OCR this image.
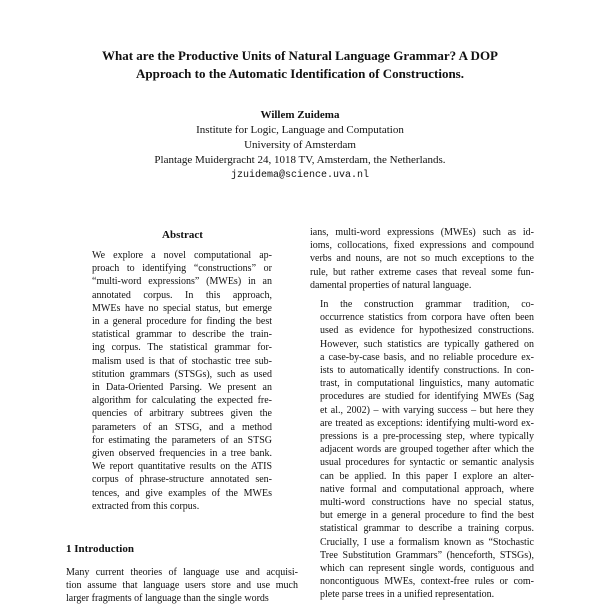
What are the Productive Units of Natural Language Grammar? A DOP
Approach to the Automatic Identification of Constructions.
Willem Zuidema
Institute for Logic, Language and Computation
University of Amsterdam
Plantage Muidergracht 24, 1018 TV, Amsterdam, the Netherlands.
jzuidema@science.uva.nl
Abstract
We explore a novel computational ap-
proach to identifying “constructions” or
“multi-word expressions” (MWEs) in an
annotated corpus. In this approach,
MWEs have no special status, but emerge
in a general procedure for finding the best
statistical grammar to describe the train-
ing corpus. The statistical grammar for-
malism used is that of stochastic tree sub-
stitution grammars (STSGs), such as used
in Data-Oriented Parsing. We present an
algorithm for calculating the expected fre-
quencies of arbitrary subtrees given the
parameters of an STSG, and a method
for estimating the parameters of an STSG
given observed frequencies in a tree bank.
We report quantitative results on the ATIS
corpus of phrase-structure annotated sen-
tences, and give examples of the MWEs
extracted from this corpus.
1 Introduction
Many current theories of language use and acquisi-
tion assume that language users store and use much
larger fragments of language than the single words

ians, multi-word expressions (MWEs) such as id-
ioms, collocations, fixed expressions and compound
verbs and nouns, are not so much exceptions to the
rule, but rather extreme cases that reveal some fun-
damental properties of natural language.

In the construction grammar tradition, co-
occurrence statistics from corpora have often been
used as evidence for hypothesized constructions.
However, such statistics are typically gathered on
a case-by-case basis, and no reliable procedure ex-
ists to automatically identify constructions. In con-
trast, in computational linguistics, many automatic
procedures are studied for identifying MWEs (Sag
et al., 2002) – with varying success – but here they
are treated as exceptions: identifying multi-word ex-
pressions is a pre-processing step, where typically
adjacent words are grouped together after which the
usual procedures for syntactic or semantic analysis
can be applied. In this paper I explore an alter-
native formal and computational approach, where
multi-word constructions have no special status,
but emerge in a general procedure to find the best
statistical grammar to describe a training corpus.
Crucially, I use a formalism known as “Stochastic
Tree Substitution Grammars” (henceforth, STSGs),
which can represent single words, contiguous and
noncontiguous MWEs, context-free rules or com-
plete parse trees in a unified representation.
